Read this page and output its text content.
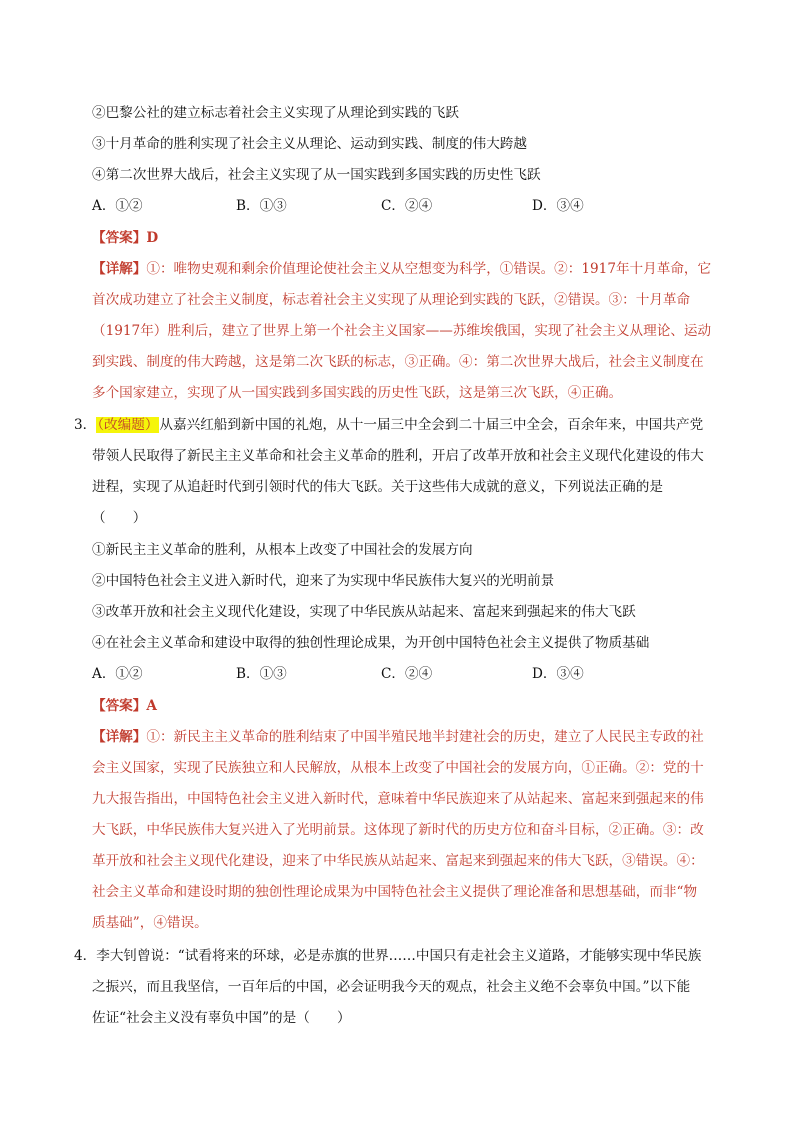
②巴黎公社的建立标志着社会主义实现了从理论到实践的飞跃
③十月革命的胜利实现了社会主义从理论、运动到实践、制度的伟大跨越
④第二次世界大战后，社会主义实现了从一国实践到多国实践的历史性飞跃
A．①②	B．①③	C．②④	D．③④
【答案】D
【详解】①：唯物史观和剩余价值理论使社会主义从空想变为科学，①错误。②：1917年十月革命，它
首次成功建立了社会主义制度，标志着社会主义实现了从理论到实践的飞跃，②错误。③：十月革命
（1917年）胜利后，建立了世界上第一个社会主义国家——苏维埃俄国，实现了社会主义从理论、运动
到实践、制度的伟大跨越，这是第二次飞跃的标志，③正确。④：第二次世界大战后，社会主义制度在
多个国家建立，实现了从一国实践到多国实践的历史性飞跃，这是第三次飞跃，④正确。
3．（改编题）从嘉兴红船到新中国的礼炮，从十一届三中全会到二十届三中全会，百余年来，中国共产党
带领人民取得了新民主主义革命和社会主义革命的胜利，开启了改革开放和社会主义现代化建设的伟大
进程，实现了从追赶时代到引领时代的伟大飞跃。关于这些伟大成就的意义，下列说法正确的是
（　　）
①新民主主义革命的胜利，从根本上改变了中国社会的发展方向
②中国特色社会主义进入新时代，迎来了为实现中华民族伟大复兴的光明前景
③改革开放和社会主义现代化建设，实现了中华民族从站起来、富起来到强起来的伟大飞跃
④在社会主义革命和建设中取得的独创性理论成果，为开创中国特色社会主义提供了物质基础
A．①②	B．①③	C．②④	D．③④
【答案】A
【详解】①：新民主主义革命的胜利结束了中国半殖民地半封建社会的历史，建立了人民民主专政的社
会主义国家，实现了民族独立和人民解放，从根本上改变了中国社会的发展方向，①正确。②：党的十
九大报告指出，中国特色社会主义进入新时代，意味着中华民族迎来了从站起来、富起来到强起来的伟
大飞跃，中华民族伟大复兴进入了光明前景。这体现了新时代的历史方位和奋斗目标，②正确。③：改
革开放和社会主义现代化建设，迎来了中华民族从站起来、富起来到强起来的伟大飞跃，③错误。④：
社会主义革命和建设时期的独创性理论成果为中国特色社会主义提供了理论准备和思想基础，而非“物
质基础”，④错误。
4．李大钊曾说：“试看将来的环球，必是赤旗的世界……中国只有走社会主义道路，才能够实现中华民族
之振兴，而且我坚信，一百年后的中国，必会证明我今天的观点，社会主义绝不会辜负中国。”以下能
佐证“社会主义没有辜负中国”的是（　　）
